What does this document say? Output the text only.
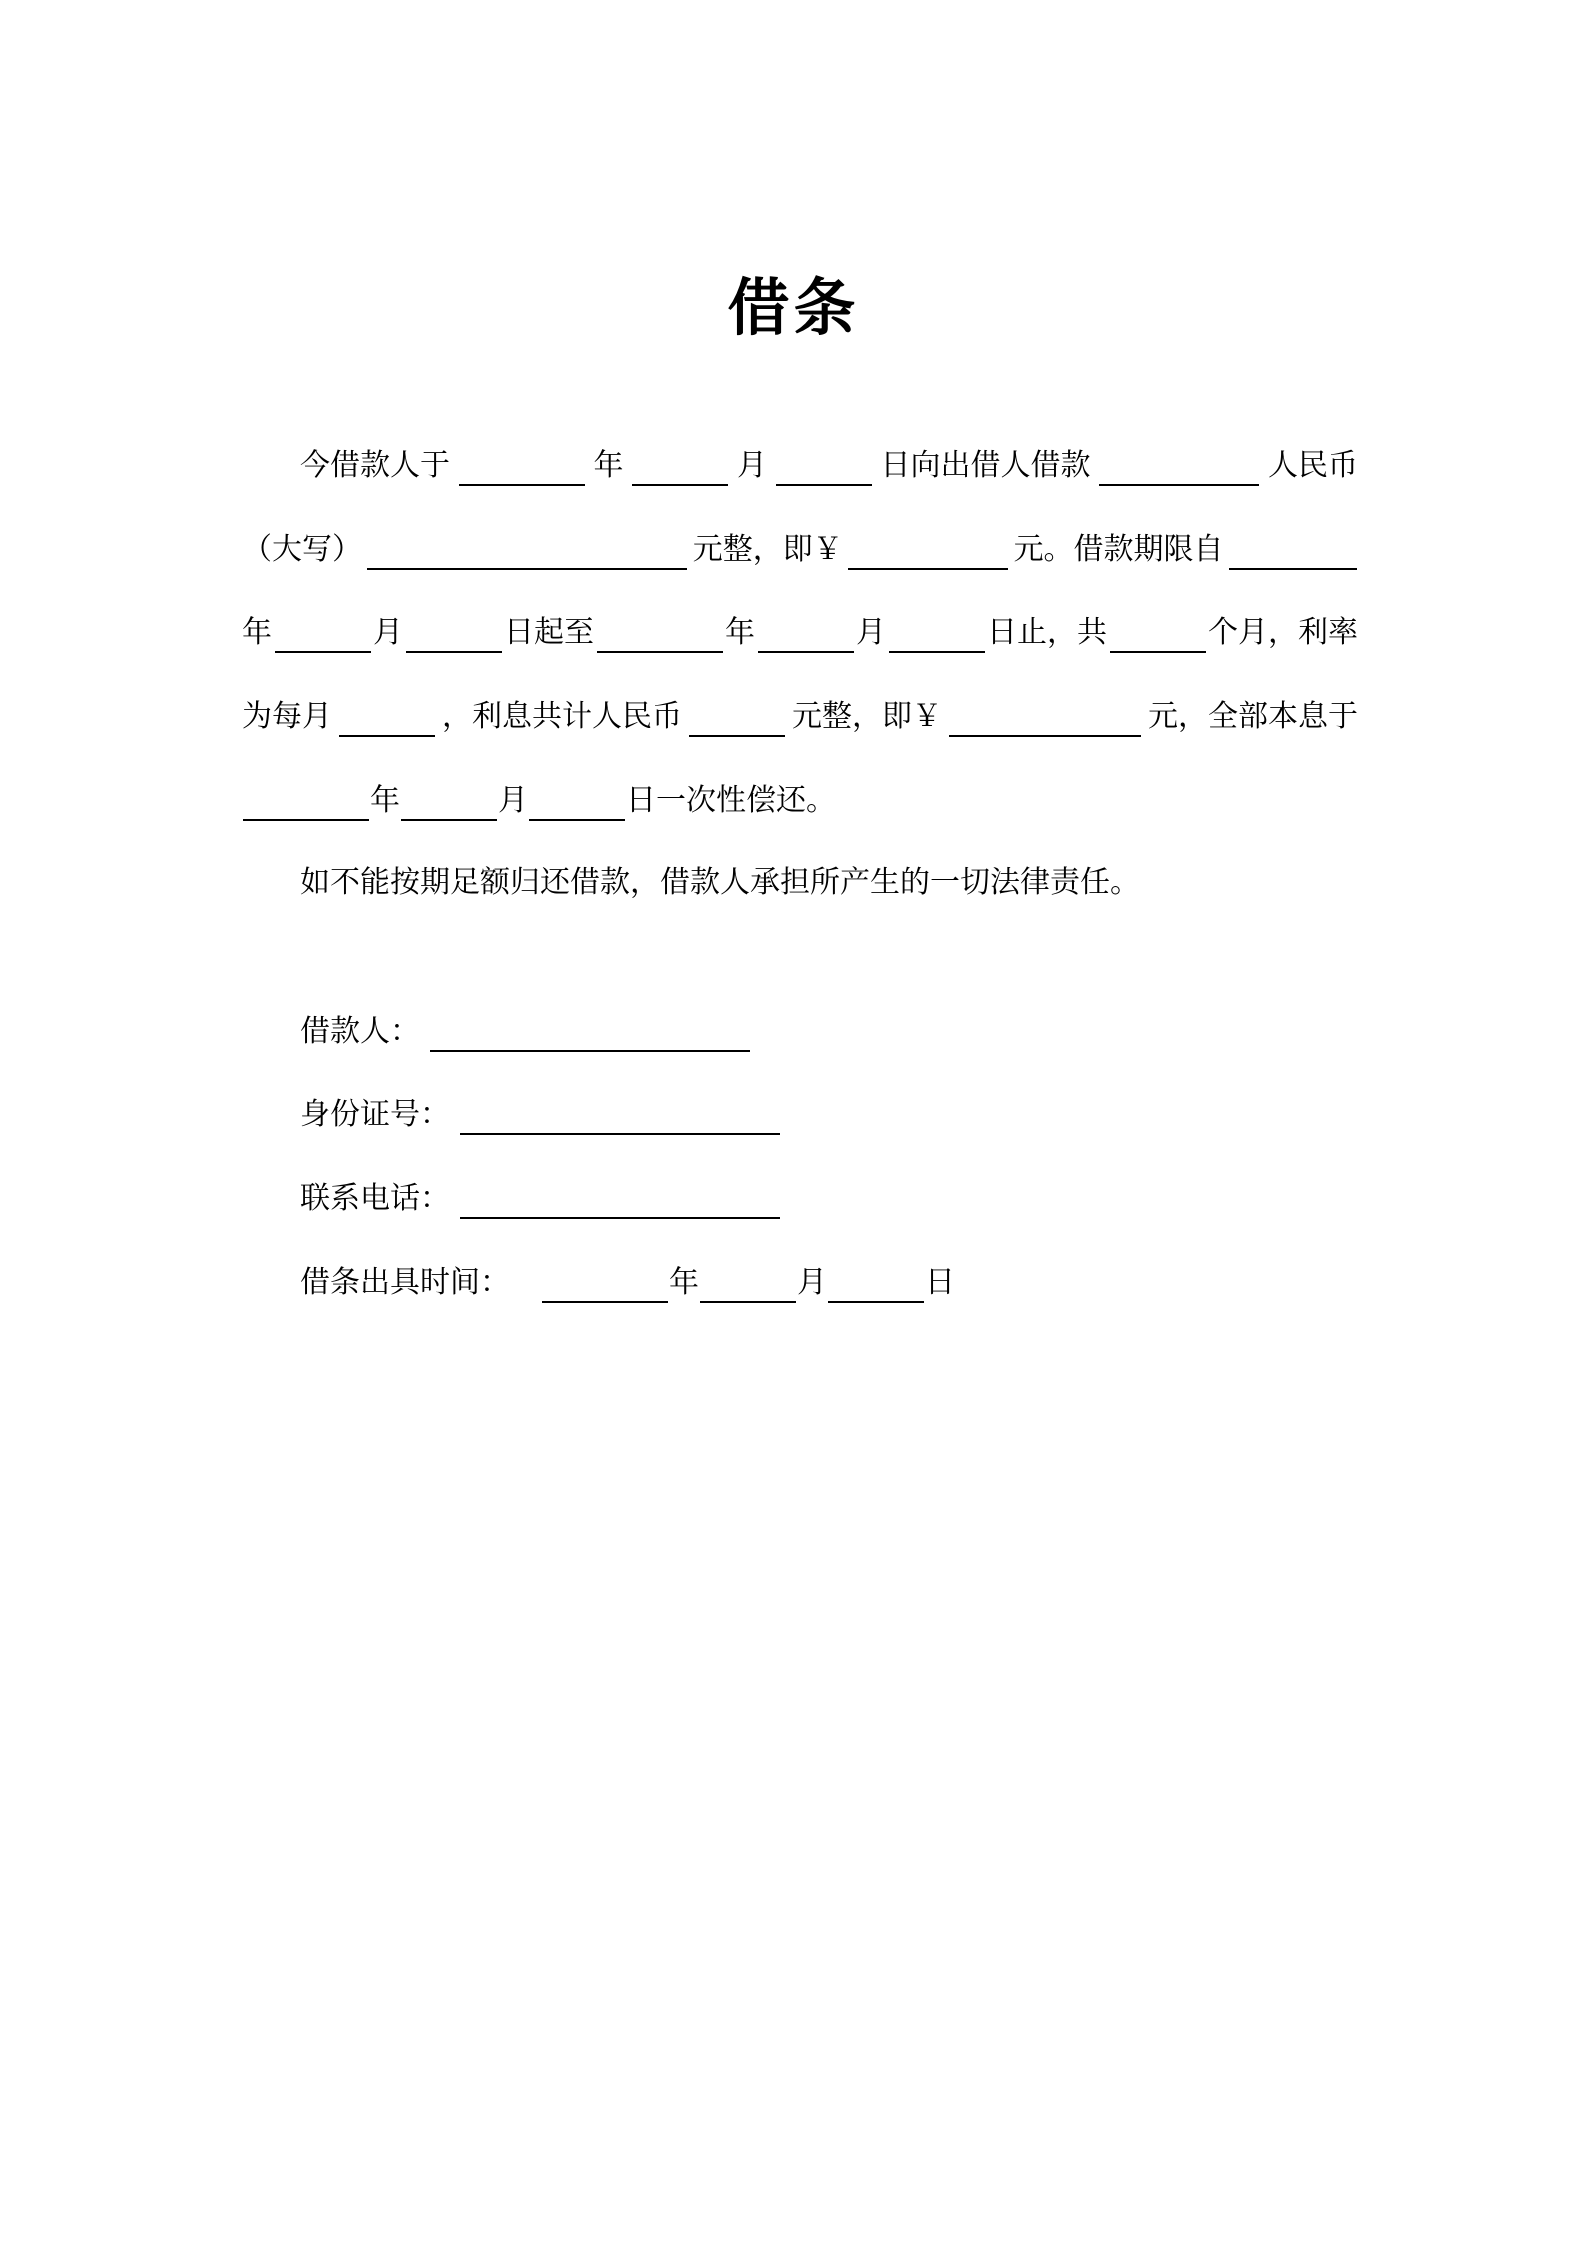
借条
今借款人于	年	月	日向出借人借款	人民币
（大写）	元整，即￥	元。借款期限自
年	月	日起至	年	月	日止，共	个月，利率
为每月	，利息共计人民币	元整，即￥	元，全部本息于
年	月	日一次性偿还。
如不能按期足额归还借款，借款人承担所产生的一切法律责任。
借款人：
身份证号：
联系电话：
借条出具时间：	年	月	日
